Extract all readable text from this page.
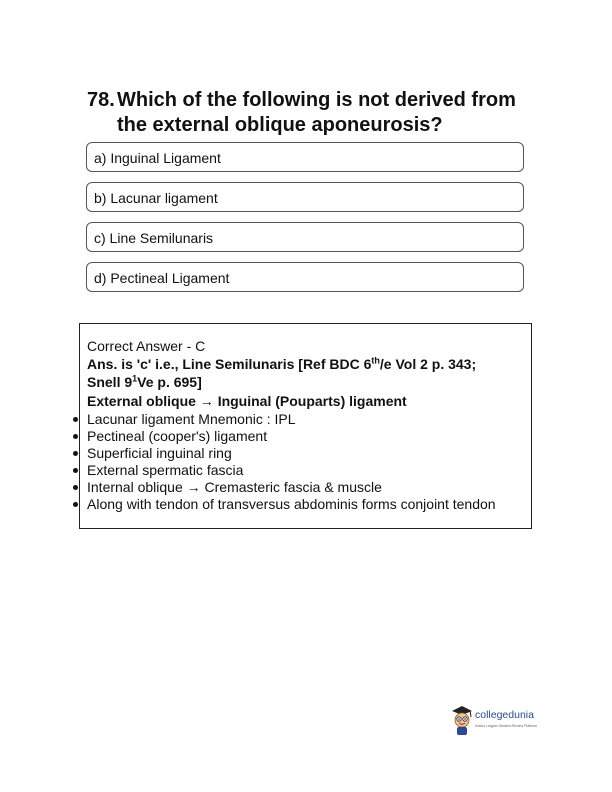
78. Which of the following is not derived from the external oblique aponeurosis?
a) Inguinal Ligament
b) Lacunar ligament
c) Line Semilunaris
d) Pectineal Ligament
Correct Answer - C
Ans. is 'c' i.e., Line Semilunaris [Ref BDC 6th/e Vol 2 p. 343;
Snell $9^1Ve$ p. 695]
External oblique → Inguinal (Pouparts) ligament
Lacunar ligament Mnemonic : IPL
Pectineal (cooper's) ligament
Superficial inguinal ring
External spermatic fascia
Internal oblique → Cremasteric fascia & muscle
Along with tendon of transversus abdominis forms conjoint tendon
collegedunia
India's Largest Student Review Platform
